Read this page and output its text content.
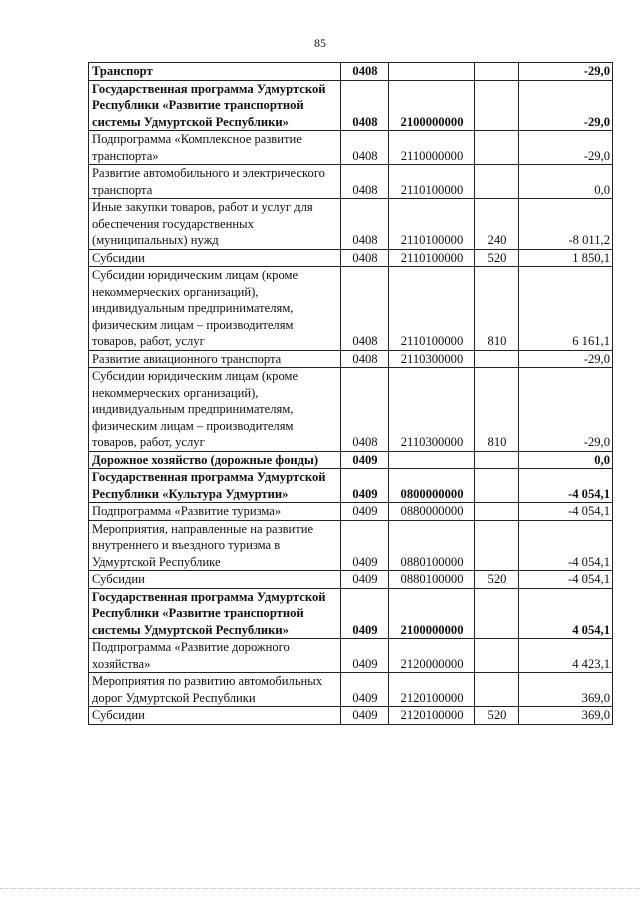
85
Транспорт	0408			-29,0
Государственная программа Удмуртской Республики «Развитие транспортной системы Удмуртской Республики»	0408	2100000000		-29,0
Подпрограмма «Комплексное развитие транспорта»	0408	2110000000		-29,0
Развитие автомобильного и электрического транспорта	0408	2110100000		0,0
Иные закупки товаров, работ и услуг для обеспечения государственных (муниципальных) нужд	0408	2110100000	240	-8 011,2
Субсидии	0408	2110100000	520	1 850,1
Субсидии юридическим лицам (кроме некоммерческих организаций), индивидуальным предпринимателям, физическим лицам – производителям товаров, работ, услуг	0408	2110100000	810	6 161,1
Развитие авиационного транспорта	0408	2110300000		-29,0
Субсидии юридическим лицам (кроме некоммерческих организаций), индивидуальным предпринимателям, физическим лицам – производителям товаров, работ, услуг	0408	2110300000	810	-29,0
Дорожное хозяйство (дорожные фонды)	0409			0,0
Государственная программа Удмуртской Республики «Культура Удмуртии»	0409	0800000000		-4 054,1
Подпрограмма «Развитие туризма»	0409	0880000000		-4 054,1
Мероприятия, направленные на развитие внутреннего и въездного туризма в Удмуртской Республике	0409	0880100000		-4 054,1
Субсидии	0409	0880100000	520	-4 054,1
Государственная программа Удмуртской Республики «Развитие транспортной системы Удмуртской Республики»	0409	2100000000		4 054,1
Подпрограмма «Развитие дорожного хозяйства»	0409	2120000000		4 423,1
Мероприятия по развитию автомобильных дорог Удмуртской Республики	0409	2120100000		369,0
Субсидии	0409	2120100000	520	369,0
